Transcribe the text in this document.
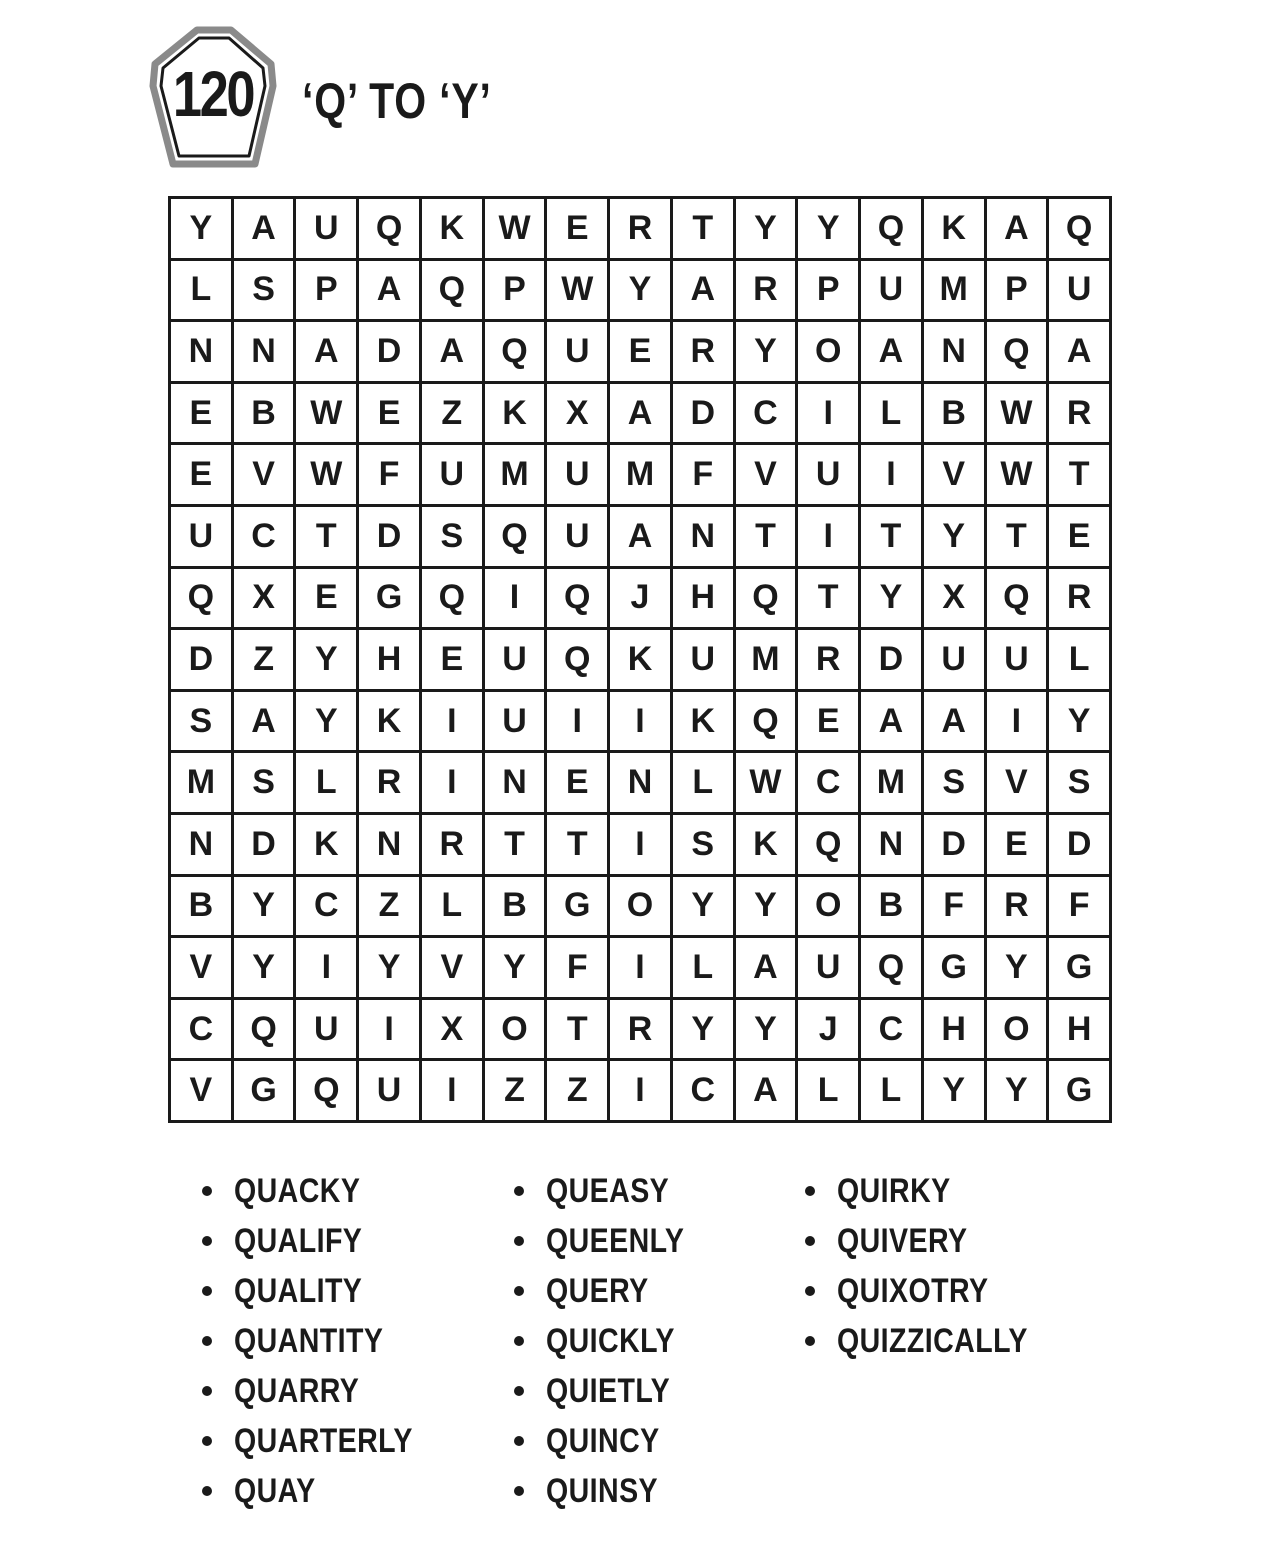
120 ‘Q’ TO ‘Y’
Y	A	U	Q	K	W	E	R	T	Y	Y	Q	K	A	Q
L	S	P	A	Q	P	W	Y	A	R	P	U	M	P	U
N	N	A	D	A	Q	U	E	R	Y	O	A	N	Q	A
E	B	W	E	Z	K	X	A	D	C	I	L	B	W	R
E	V	W	F	U	M	U	M	F	V	U	I	V	W	T
U	C	T	D	S	Q	U	A	N	T	I	T	Y	T	E
Q	X	E	G	Q	I	Q	J	H	Q	T	Y	X	Q	R
D	Z	Y	H	E	U	Q	K	U	M	R	D	U	U	L
S	A	Y	K	I	U	I	I	K	Q	E	A	A	I	Y
M	S	L	R	I	N	E	N	L	W	C	M	S	V	S
N	D	K	N	R	T	T	I	S	K	Q	N	D	E	D
B	Y	C	Z	L	B	G	O	Y	Y	O	B	F	R	F
V	Y	I	Y	V	Y	F	I	L	A	U	Q	G	Y	G
C	Q	U	I	X	O	T	R	Y	Y	J	C	H	O	H
V	G	Q	U	I	Z	Z	I	C	A	L	L	Y	Y	G
QUACKY
QUALIFY
QUALITY
QUANTITY
QUARRY
QUARTERLY
QUAY
QUEASY
QUEENLY
QUERY
QUICKLY
QUIETLY
QUINCY
QUINSY
QUIRKY
QUIVERY
QUIXOTRY
QUIZZICALLY
